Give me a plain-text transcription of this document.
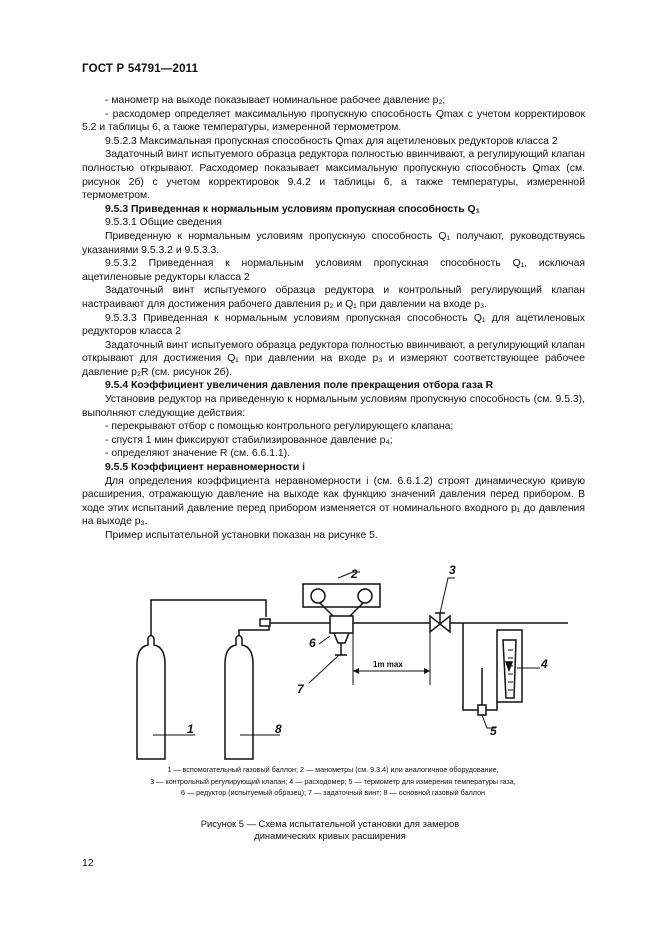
ГОСТ Р 54791—2011

- манометр на выходе показывает номинальное рабочее давление p₂;

- расходомер определяет максимальную пропускную способность Qmax с учетом корректировок 5.2 и таблицы 6, а также температуры, измеренной термометром.

9.5.2.3 Максимальная пропускная способность Qmax для ацетиленовых редукторов класса 2

Задаточный винт испытуемого образца редуктора полностью ввинчивают, а регулирующий клапан полностью открывают. Расходомер показывает максимальную пропускную способность Qmax (см. рисунок 2б) с учетом корректировок 9.4.2 и таблицы 6, а также температуры, измеренной термометром.

9.5.3 Приведенная к нормальным условиям пропускная способность Q₁

9.5.3.1 Общие сведения

Приведенную к нормальным условиям пропускную способность Q₁ получают, руководствуясь указаниями 9.5.3.2 и 9.5.3.3.

9.5.3.2 Приведенная к нормальным условиям пропускная способность Q₁, исключая ацетиленовые редукторы класса 2

Задаточный винт испытуемого образца редуктора и контрольный регулирующий клапан настраивают для достижения рабочего давления p₂ и Q₁ при давлении на входе p₃.

9.5.3.3 Приведенная к нормальным условиям пропускная способность Q₁ для ацетиленовых редукторов класса 2

Задаточный винт испытуемого образца редуктора полностью ввинчивают, а регулирующий клапан открывают для достижения Q₁ при давлении на входе p₃ и измеряют соответствующее рабочее давление p₂R (см. рисунок 2б).

9.5.4 Коэффициент увеличения давления поле прекращения отбора газа R

Установив редуктор на приведенную к нормальным условиям пропускную способность (см. 9.5.3), выполняют следующие действия:

- перекрывают отбор с помощью контрольного регулирующего клапана;

- спустя 1 мин фиксируют стабилизированное давление p₄;

- определяют значение R (см. 6.6.1.1).

9.5.5 Коэффициент неравномерности i

Для определения коэффициента неравномерности i (см. 6.6.1.2) строят динамическую кривую расширения, отражающую давление на выходе как функцию значений давления перед прибором. В ходе этих испытаний давление перед прибором изменяется от номинального входного p₁ до давления на выходе p₃.

Пример испытательной установки показан на рисунке 5.

1m max
1
2	3
4
5
6
7
8
1 — вспомогательный газовый баллон; 2 — манометры (см. 9.3.4) или аналогичное оборудование,
3 — контрольный регулирующий клапан; 4 — расходомер; 5 — термометр для измерения температуры газа,
6 — редуктор (испытуемый образец); 7 — задаточный винт; 8 — основной газовый баллон
Рисунок 5 — Схема испытательной установки для замеров
динамических кривых расширения
12
